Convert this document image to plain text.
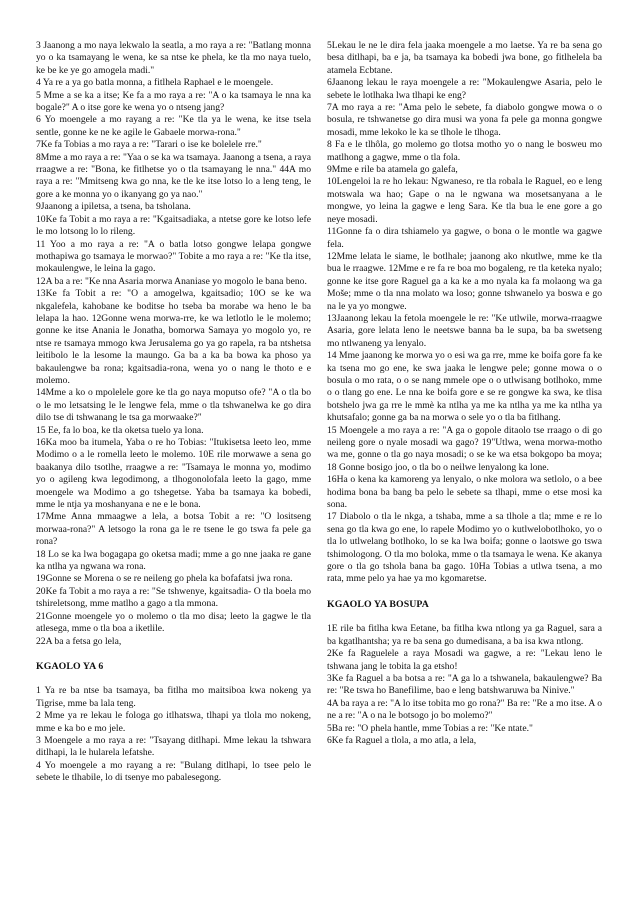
3 Jaanong a mo naya lekwalo la seatla, a mo raya a re: "Batlang monna yo o ka tsamayang le wena, ke sa ntse ke phela, ke tla mo naya tuelo, ke be ke ye go amogela madi."

4 Ya re a ya go batla monna, a fitlhela Raphael e le moengele.

5 Mme a se ka a itse; Ke fa a mo raya a re: "A o ka tsamaya le nna ka bogale?" A o itse gore ke wena yo o ntseng jang?

6 Yo moengele a mo rayang a re: "Ke tla ya le wena, ke itse tsela sentle, gonne ke ne ke agile le Gabaele morwa-rona."

7Ke fa Tobias a mo raya a re: "Tarari o ise ke bolelele rre."

8Mme a mo raya a re: "Yaa o se ka wa tsamaya. Jaanong a tsena, a raya rraagwe a re: "Bona, ke fitlhetse yo o tla tsamayang le nna." 44A mo raya a re: "Mmitseng kwa go nna, ke tle ke itse lotso lo a leng teng, le gore a ke monna yo o ikanyang go ya nao."

9Jaanong a ipiletsa, a tsena, ba tsholana.

10Ke fa Tobit a mo raya a re: "Kgaitsadiaka, a ntetse gore ke lotso lefe le mo lotsong lo lo rileng.

11 Yoo a mo raya a re: "A o batla lotso gongwe lelapa gongwe mothapiwa go tsamaya le morwao?" Tobite a mo raya a re: "Ke tla itse, mokaulengwe, le leina la gago.

12A ba a re: "Ke nna Asaria morwa Ananiase yo mogolo le bana beno.

13Ke fa Tobit a re: "O a amogelwa, kgaitsadio; 10O se ke wa nkgalefela, kahobane ke boditse ho tseba ba morabe wa heno le ba lelapa la hao. 12Gonne wena morwa-rre, ke wa letlotlo le le molemo; gonne ke itse Anania le Jonatha, bomorwa Samaya yo mogolo yo, re ntse re tsamaya mmogo kwa Jerusalema go ya go rapela, ra ba ntshetsa leitibolo le la lesome la maungo. Ga ba a ka ba bowa ka phoso ya bakaulengwe ba rona; kgaitsadia-rona, wena yo o nang le thoto e e molemo.

14Mme a ko o mpolelele gore ke tla go naya moputso ofe? "A o tla bo o le mo letsatsing le le lengwe fela, mme o tla tshwanelwa ke go dira dilo tse di tshwanang le tsa ga morwaake?"

15 Ee, fa lo boa, ke tla oketsa tuelo ya lona.

16Ka moo ba itumela, Yaba o re ho Tobias: "Itukisetsa leeto leo, mme Modimo o a le romella leeto le molemo. 10E rile morwawe a sena go baakanya dilo tsotlhe, rraagwe a re: "Tsamaya le monna yo, modimo yo o agileng kwa legodimong, a tlhogonolofala leeto la gago, mme moengele wa Modimo a go tshegetse. Yaba ba tsamaya ka bobedi, mme le ntja ya moshanyana e ne e le bona.

17Mme Anna mmaagwe a lela, a botsa Tobit a re: "O lositseng morwaa-rona?" A letsogo la rona ga le re tsene le go tswa fa pele ga rona?

18 Lo se ka lwa bogagapa go oketsa madi; mme a go nne jaaka re gane ka ntlha ya ngwana wa rona.

19Gonne se Morena o se re neileng go phela ka bofafatsi jwa rona.

20Ke fa Tobit a mo raya a re: "Se tshwenye, kgaitsadia- O tla boela mo tshireletsong, mme matlho a gago a tla mmona.

21Gonne moengele yo o molemo o tla mo disa; leeto la gagwe le tla atlesega, mme o tla boa a iketlile.

22A ba a fetsa go lela,

KGAOLO YA 6

1 Ya re ba ntse ba tsamaya, ba fitlha mo maitsiboa kwa nokeng ya Tigrise, mme ba lala teng.

2 Mme ya re lekau le fologa go itlhatswa, tlhapi ya tlola mo nokeng, mme e ka bo e mo jele.

3 Moengele a mo raya a re: "Tsayang ditlhapi. Mme lekau la tshwara ditlhapi, la le hularela lefatshe.

4 Yo moengele a mo rayang a re: "Bulang ditlhapi, lo tsee pelo le sebete le tlhabile, lo di tsenye mo pabalesegong.

5Lekau le ne le dira fela jaaka moengele a mo laetse. Ya re ba sena go besa ditlhapi, ba e ja, ba tsamaya ka bobedi jwa bone, go fitlhelela ba atamela Ecbtane.

6Jaanong lekau le raya moengele a re: "Mokaulengwe Asaria, pelo le sebete le lotlhaka lwa tlhapi ke eng?

7A mo raya a re: "Ama pelo le sebete, fa diabolo gongwe mowa o o bosula, re tshwanetse go dira musi wa yona fa pele ga monna gongwe mosadi, mme lekoko le ka se tlhole le tlhoga.

8 Fa e le tlhôla, go molemo go tlotsa motho yo o nang le bosweu mo matlhong a gagwe, mme o tla fola.

9Mme e rile ba atamela go galefa,

10Lengeloi la re ho lekau: Ngwaneso, re tla robala le Raguel, eo e leng motswala wa hao; Gape o na le ngwana wa mosetsanyana a le mongwe, yo leina la gagwe e leng Sara. Ke tla bua le ene gore a go neye mosadi.

11Gonne fa o dira tshiamelo ya gagwe, o bona o le montle wa gagwe fela.

12Mme lelata le siame, le botlhale; jaanong ako nkutlwe, mme ke tla bua le rraagwe. 12Mme e re fa re boa mo bogaleng, re tla keteka nyalo; gonne ke itse gore Raguel ga a ka ke a mo nyala ka fa molaong wa ga Mošе; mme o tla nna molato wa loso; gonne tshwanelo ya boswa e go na le ya yo mongwe.

13Jaanong lekau la fetola moengele le re: "Ke utlwile, morwa-rraagwe Asaria, gore lelata leno le neetswe banna ba le supa, ba ba swetseng mo ntlwaneng ya lenyalo.

14 Mme jaanong ke morwa yo o esi wa ga rre, mme ke boifa gore fa ke ka tsena mo go ene, ke swa jaaka le lengwe pele; gonne mowa o o bosula o mo rata, o o se nang mmele ope o o utlwisang botlhoko, mme o o tlang go ene. Le nna ke boifa gore e se re gongwe ka swa, ke tlisa botshelo jwa ga rre le mmè ka ntlha ya me ka ntlha ya me ka ntlha ya khutsafalo; gonne ga ba na morwa o sele yo o tla ba fitlhang.

15 Moengele a mo raya a re: "A ga o gopole ditaolo tse rraago o di go neileng gore o nyale mosadi wa gago? 19"Utlwa, wena morwa-motho wa me, gonne o tla go naya mosadi; o se ke wa etsa bokgopo ba moya; 18 Gonne bosigo joo, o tla bo o neilwe lenyalong ka lone.

16Ha o kena ka kamoreng ya lenyalo, o nke molora wa setlolo, o a bee hodima bona ba bang ba pelo le sebete sa tlhapi, mme o etse mosi ka sona.

17 Diabolo o tla le nkga, a tshaba, mme a sa tlhole a tla; mme e re lo sena go tla kwa go ene, lo rapele Modimo yo o kutlwelobotlhoko, yo o tla lo utlwelang botlhoko, lo se ka lwa boifa; gonne o laotswe go tswa tshimologong. O tla mo boloka, mme o tla tsamaya le wena. Ke akanya gore o tla go tshola bana ba gago. 10Ha Tobias a utlwa tsena, a mo rata, mme pelo ya hae ya mo kgomaretse.

KGAOLO YA BOSUPA

1E rile ba fitlha kwa Eetane, ba fitlha kwa ntlong ya ga Raguel, sara a ba kgatlhantsha; ya re ba sena go dumedisana, a ba isa kwa ntlong.

2Ke fa Raguelele a raya Mosadi wa gagwe, a re: "Lekau leno le tshwana jang le tobita la ga etsho!

3Ke fa Raguel a ba botsa a re: "A ga lo a tshwanela, bakaulengwe? Ba re: "Re tswa ho Banefilime, bao e leng batshwaruwa ba Ninive."

4A ba raya a re: "A lo itse tobita mo go rona?" Ba re: "Re a mo itse. A o ne a re: "A o na le botsogo jo bo molemo?"

5Ba re: "O phela hantle, mme Tobias a re: "Ke ntate."

6Ke fa Raguel a tlola, a mo atla, a lela,
